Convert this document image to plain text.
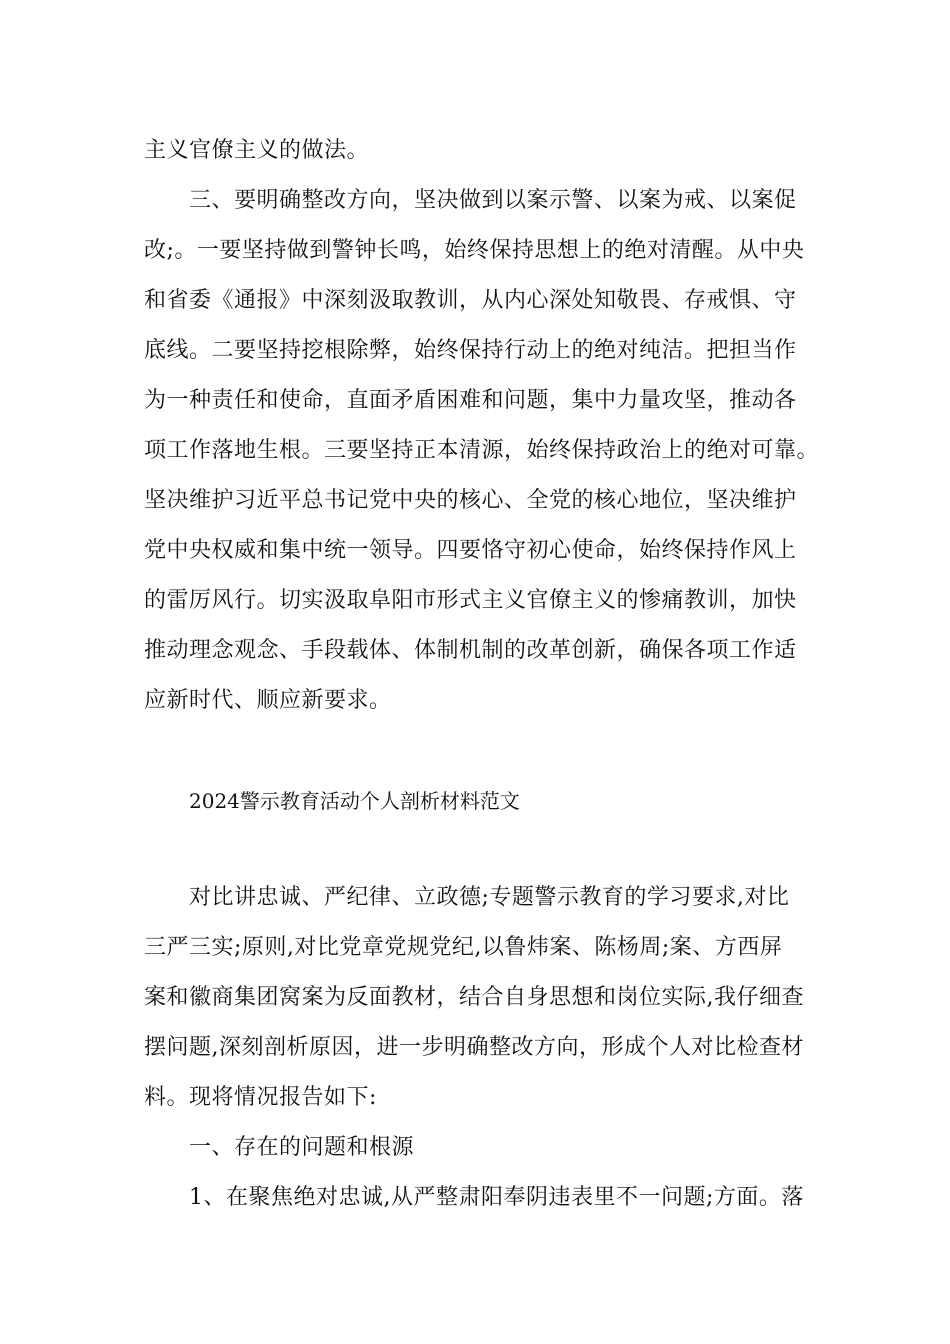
主义官僚主义的做法。
三、要明确整改方向，坚决做到以案示警、以案为戒、以案促
改;。一要坚持做到警钟长鸣，始终保持思想上的绝对清醒。从中央
和省委《通报》中深刻汲取教训，从内心深处知敬畏、存戒惧、守
底线。二要坚持挖根除弊，始终保持行动上的绝对纯洁。把担当作
为一种责任和使命，直面矛盾困难和问题，集中力量攻坚，推动各
项工作落地生根。三要坚持正本清源，始终保持政治上的绝对可靠。
坚决维护习近平总书记党中央的核心、全党的核心地位，坚决维护
党中央权威和集中统一领导。四要恪守初心使命，始终保持作风上
的雷厉风行。切实汲取阜阳市形式主义官僚主义的惨痛教训，加快
推动理念观念、手段载体、体制机制的改革创新，确保各项工作适
应新时代、顺应新要求。
2024警示教育活动个人剖析材料范文
对比讲忠诚、严纪律、立政德;专题警示教育的学习要求,对比
三严三实;原则,对比党章党规党纪,以鲁炜案、陈杨周;案、方西屏
案和徽商集团窝案为反面教材，结合自身思想和岗位实际,我仔细查
摆问题,深刻剖析原因，进一步明确整改方向，形成个人对比检查材
料。现将情况报告如下:
一、存在的问题和根源
1、在聚焦绝对忠诚,从严整肃阳奉阴违表里不一问题;方面。落
